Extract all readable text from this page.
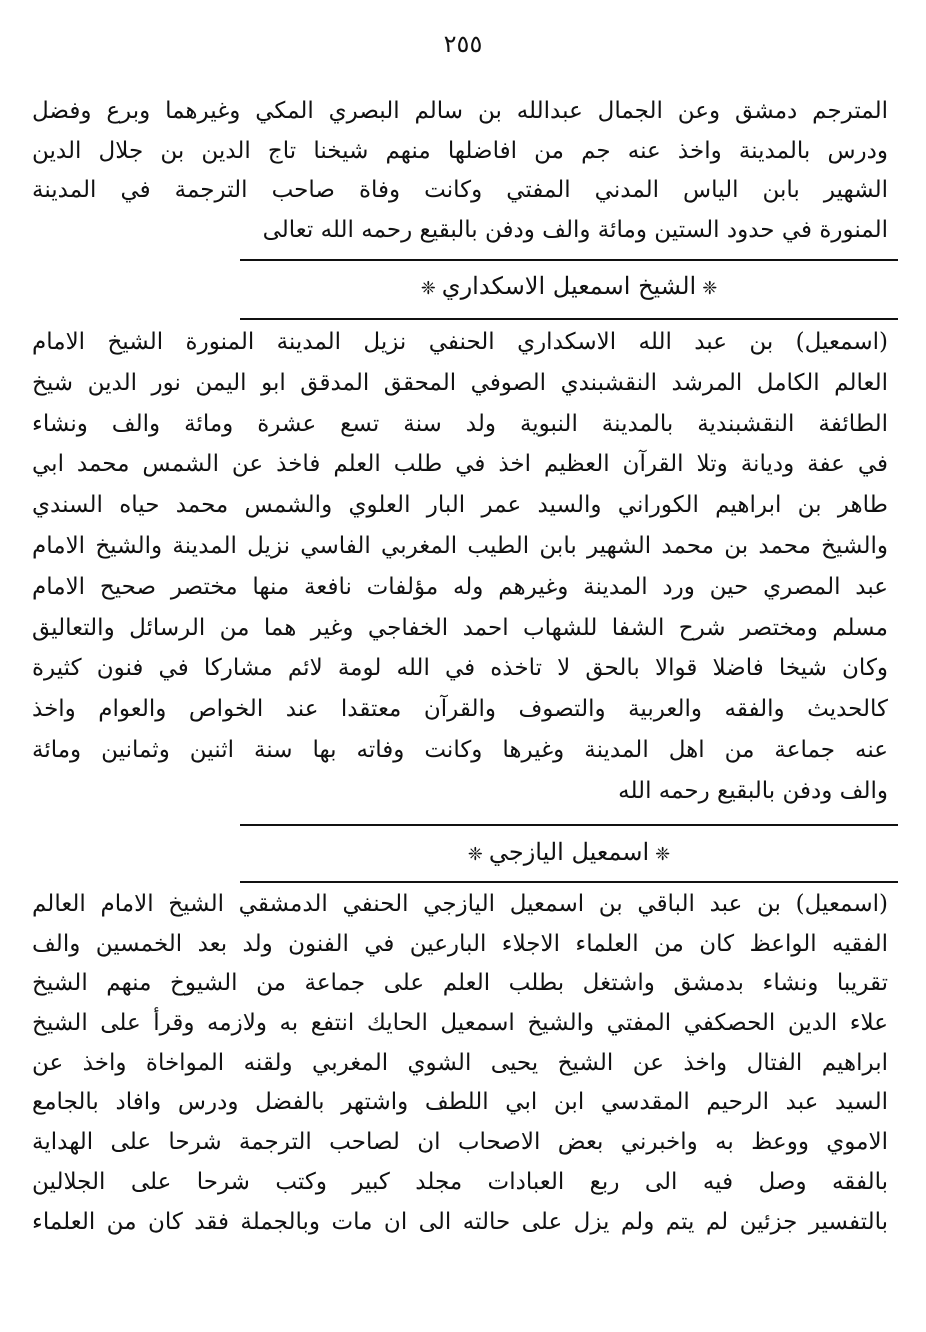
٢٥٥
المترجم دمشق وعن الجمال عبدالله بن سالم البصري المكي وغيرهما وبرع وفضل
ودرس بالمدينة واخذ عنه جم من افاضلها منهم شيخنا تاج الدين بن جلال الدين
الشهير بابن الياس المدني المفتي وكانت وفاة صاحب الترجمة في المدينة
المنورة في حدود الستين ومائة والف ودفن بالبقيع رحمه الله تعالى
❈الشيخ اسمعيل الاسكداري❈
(اسمعيل) بن عبد الله الاسكداري الحنفي نزيل المدينة المنورة الشيخ الامام
العالم الكامل المرشد النقشبندي الصوفي المحقق المدقق ابو اليمن نور الدين شيخ
الطائفة النقشبندية بالمدينة النبوية ولد سنة تسع عشرة ومائة والف ونشاء
في عفة وديانة وتلا القرآن العظيم اخذ في طلب العلم فاخذ عن الشمس محمد ابي
طاهر بن ابراهيم الكوراني والسيد عمر البار العلوي والشمس محمد حياه السندي
والشيخ محمد بن محمد الشهير بابن الطيب المغربي الفاسي نزيل المدينة والشيخ الامام
عبد المصري حين ورد المدينة وغيرهم وله مؤلفات نافعة منها مختصر صحيح الامام
مسلم ومختصر شرح الشفا للشهاب احمد الخفاجي وغير هما من الرسائل والتعاليق
وكان شيخا فاضلا قوالا بالحق لا تاخذه في الله لومة لائم مشاركا في فنون كثيرة
كالحديث والفقه والعربية والتصوف والقرآن معتقدا عند الخواص والعوام واخذ
عنه جماعة من اهل المدينة وغيرها وكانت وفاته بها سنة اثنين وثمانين ومائة
والف ودفن بالبقيع رحمه الله
❈اسمعيل اليازجي❈
(اسمعيل) بن عبد الباقي بن اسمعيل اليازجي الحنفي الدمشقي الشيخ الامام العالم
الفقيه الواعظ كان من العلماء الاجلاء البارعين في الفنون ولد بعد الخمسين والف
تقريبا ونشاء بدمشق واشتغل بطلب العلم على جماعة من الشيوخ منهم الشيخ
علاء الدين الحصكفي المفتي والشيخ اسمعيل الحايك انتفع به ولازمه وقرأ على الشيخ
ابراهيم الفتال واخذ عن الشيخ يحيى الشوي المغربي ولقنه المواخاة واخذ عن
السيد عبد الرحيم المقدسي ابن ابي اللطف واشتهر بالفضل ودرس وافاد بالجامع
الاموي ووعظ به واخبرني بعض الاصحاب ان لصاحب الترجمة شرحا على الهداية
بالفقه وصل فيه الى ربع العبادات مجلد كبير وكتب شرحا على الجلالين
بالتفسير جزئين لم يتم ولم يزل على حالته الى ان مات وبالجملة فقد كان من العلماء
